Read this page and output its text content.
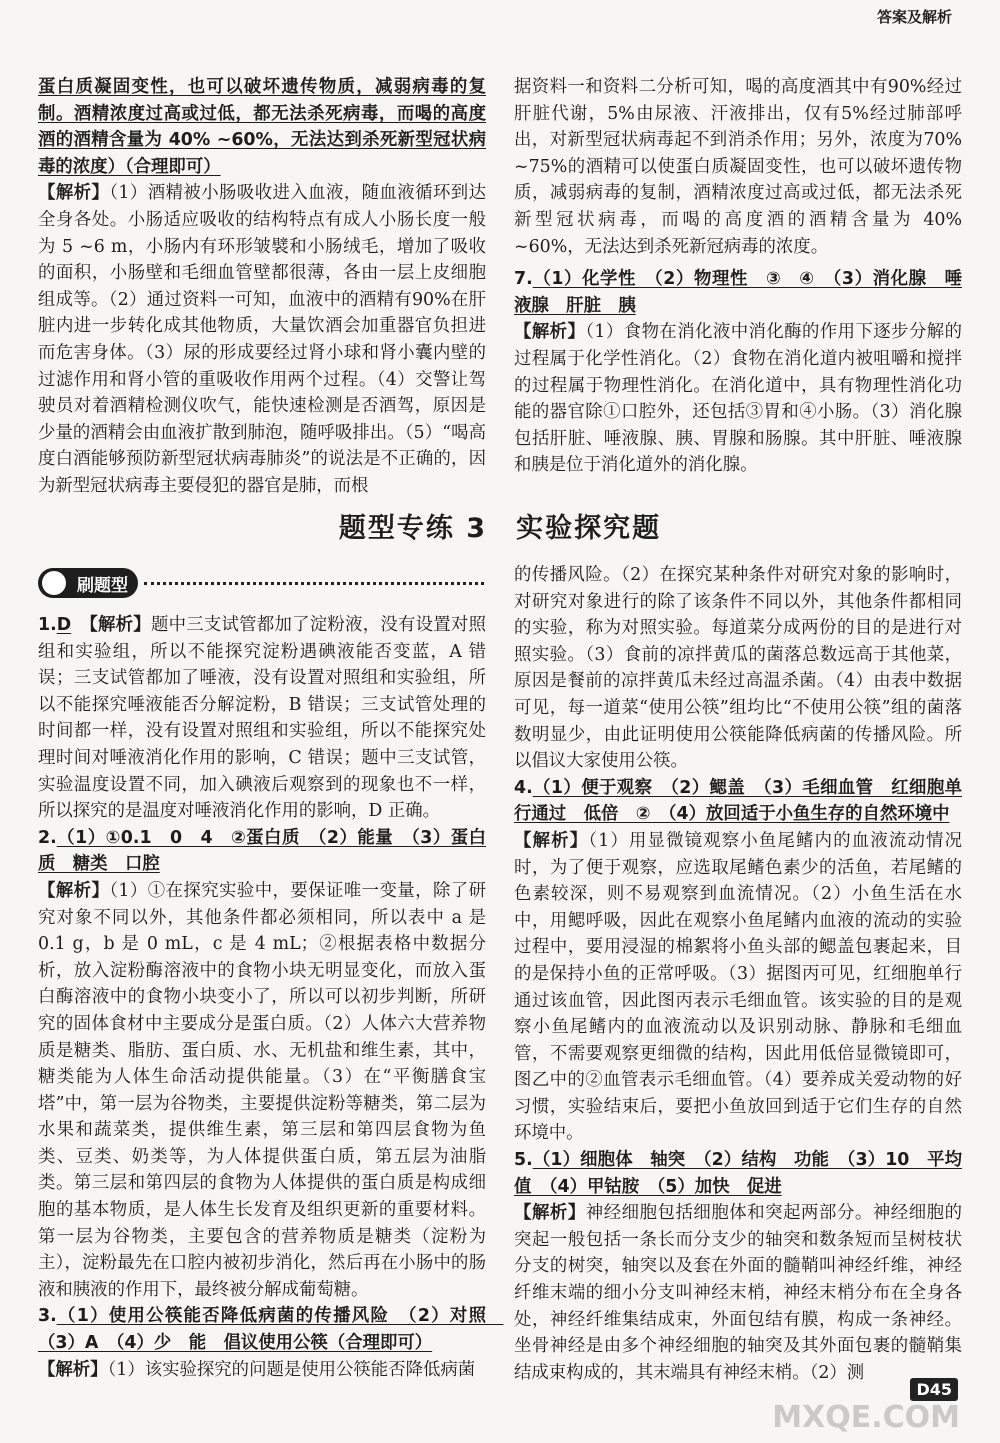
答案及解析

蛋白质凝固变性，也可以破坏遗传物质，减弱病毒的复制。酒精浓度过高或过低，都无法杀死病毒，而喝的高度酒的酒精含量为 40% ~60%，无法达到杀死新型冠状病毒的浓度）（合理即可）

【解析】（1）酒精被小肠吸收进入血液，随血液循环到达全身各处。小肠适应吸收的结构特点有成人小肠长度一般为 5 ~6 m，小肠内有环形皱襞和小肠绒毛，增加了吸收的面积，小肠壁和毛细血管壁都很薄，各由一层上皮细胞组成等。（2）通过资料一可知，血液中的酒精有90%在肝脏内进一步转化成其他物质，大量饮酒会加重器官负担进而危害身体。（3）尿的形成要经过肾小球和肾小囊内壁的过滤作用和肾小管的重吸收作用两个过程。（4）交警让驾驶员对着酒精检测仪吹气，能快速检测是否酒驾，原因是少量的酒精会由血液扩散到肺泡，随呼吸排出。（5）“喝高度白酒能够预防新型冠状病毒肺炎”的说法是不正确的，因为新型冠状病毒主要侵犯的器官是肺，而根

据资料一和资料二分析可知，喝的高度酒其中有90%经过肝脏代谢，5%由尿液、汗液排出，仅有5%经过肺部呼出，对新型冠状病毒起不到消杀作用；另外，浓度为70% ~75%的酒精可以使蛋白质凝固变性，也可以破坏遗传物质，减弱病毒的复制，酒精浓度过高或过低，都无法杀死新型冠状病毒，而喝的高度酒的酒精含量为 40% ~60%，无法达到杀死新冠病毒的浓度。

7.（1）化学性　（2）物理性　③　④　（3）消化腺　唾液腺　肝脏　胰

【解析】（1）食物在消化液中消化酶的作用下逐步分解的过程属于化学性消化。（2）食物在消化道内被咀嚼和搅拌的过程属于物理性消化。在消化道中，具有物理性消化功能的器官除①口腔外，还包括③胃和④小肠。（3）消化腺包括肝脏、唾液腺、胰、胃腺和肠腺。其中肝脏、唾液腺和胰是位于消化道外的消化腺。

题型专练 3　实验探究题
刷题型

1.D　 【解析】题中三支试管都加了淀粉液，没有设置对照组和实验组，所以不能探究淀粉遇碘液能否变蓝，A 错误；三支试管都加了唾液，没有设置对照组和实验组，所以不能探究唾液能否分解淀粉，B 错误；三支试管处理的时间都一样，没有设置对照组和实验组，所以不能探究处理时间对唾液消化作用的影响，C 错误；题中三支试管，实验温度设置不同，加入碘液后观察到的现象也不一样，所以探究的是温度对唾液消化作用的影响，D 正确。

2.（1）①0.1　0　4　②蛋白质　（2）能量　（3）蛋白质　糖类　口腔

【解析】（1）①在探究实验中，要保证唯一变量，除了研究对象不同以外，其他条件都必须相同，所以表中 a 是 0.1 g，b 是 0 mL，c 是 4 mL；②根据表格中数据分析，放入淀粉酶溶液中的食物小块无明显变化，而放入蛋白酶溶液中的食物小块变小了，所以可以初步判断，所研究的固体食材中主要成分是蛋白质。（2）人体六大营养物质是糖类、脂肪、蛋白质、水、无机盐和维生素，其中，糖类能为人体生命活动提供能量。（3）在“平衡膳食宝塔”中，第一层为谷物类，主要提供淀粉等糖类，第二层为水果和蔬菜类，提供维生素，第三层和第四层食物为鱼类、豆类、奶类等，为人体提供蛋白质，第五层为油脂类。第三层和第四层的食物为人体提供的蛋白质是构成细胞的基本物质，是人体生长发育及组织更新的重要材料。第一层为谷物类，主要包含的营养物质是糖类（淀粉为主），淀粉最先在口腔内被初步消化，然后再在小肠中的肠液和胰液的作用下，最终被分解成葡萄糖。

3.（1）使用公筷能否降低病菌的传播风险　（2）对照　（3）A　（4）少　能　倡议使用公筷（合理即可）

【解析】（1）该实验探究的问题是使用公筷能否降低病菌

的传播风险。（2）在探究某种条件对研究对象的影响时，对研究对象进行的除了该条件不同以外，其他条件都相同的实验，称为对照实验。每道菜分成两份的目的是进行对照实验。（3）食前的凉拌黄瓜的菌落总数远高于其他菜，原因是餐前的凉拌黄瓜未经过高温杀菌。（4）由表中数据可见，每一道菜“使用公筷”组均比“不使用公筷”组的菌落数明显少，由此证明使用公筷能降低病菌的传播风险。所以倡议大家使用公筷。

4.（1）便于观察　（2）鳃盖　（3）毛细血管　红细胞单行通过　低倍　②　（4）放回适于小鱼生存的自然环境中

【解析】（1）用显微镜观察小鱼尾鳍内的血液流动情况时，为了便于观察，应选取尾鳍色素少的活鱼，若尾鳍的色素较深，则不易观察到血流情况。（2）小鱼生活在水中，用鳃呼吸，因此在观察小鱼尾鳍内血液的流动的实验过程中，要用浸湿的棉絮将小鱼头部的鳃盖包裹起来，目的是保持小鱼的正常呼吸。（3）据图丙可见，红细胞单行通过该血管，因此图丙表示毛细血管。该实验的目的是观察小鱼尾鳍内的血液流动以及识别动脉、静脉和毛细血管，不需要观察更细微的结构，因此用低倍显微镜即可，图乙中的②血管表示毛细血管。（4）要养成关爱动物的好习惯，实验结束后，要把小鱼放回到适于它们生存的自然环境中。

5.（1）细胞体　轴突　（2）结构　功能　（3）10　平均值　（4）甲钴胺　（5）加快　促进

【解析】神经细胞包括细胞体和突起两部分。神经细胞的突起一般包括一条长而分支少的轴突和数条短而呈树枝状分支的树突，轴突以及套在外面的髓鞘叫神经纤维，神经纤维末端的细小分支叫神经末梢，神经末梢分布在全身各处，神经纤维集结成束，外面包结有膜，构成一条神经。坐骨神经是由多个神经细胞的轴突及其外面包裹的髓鞘集结成束构成的，其末端具有神经末梢。（2）测

D45
MXQE.COM
